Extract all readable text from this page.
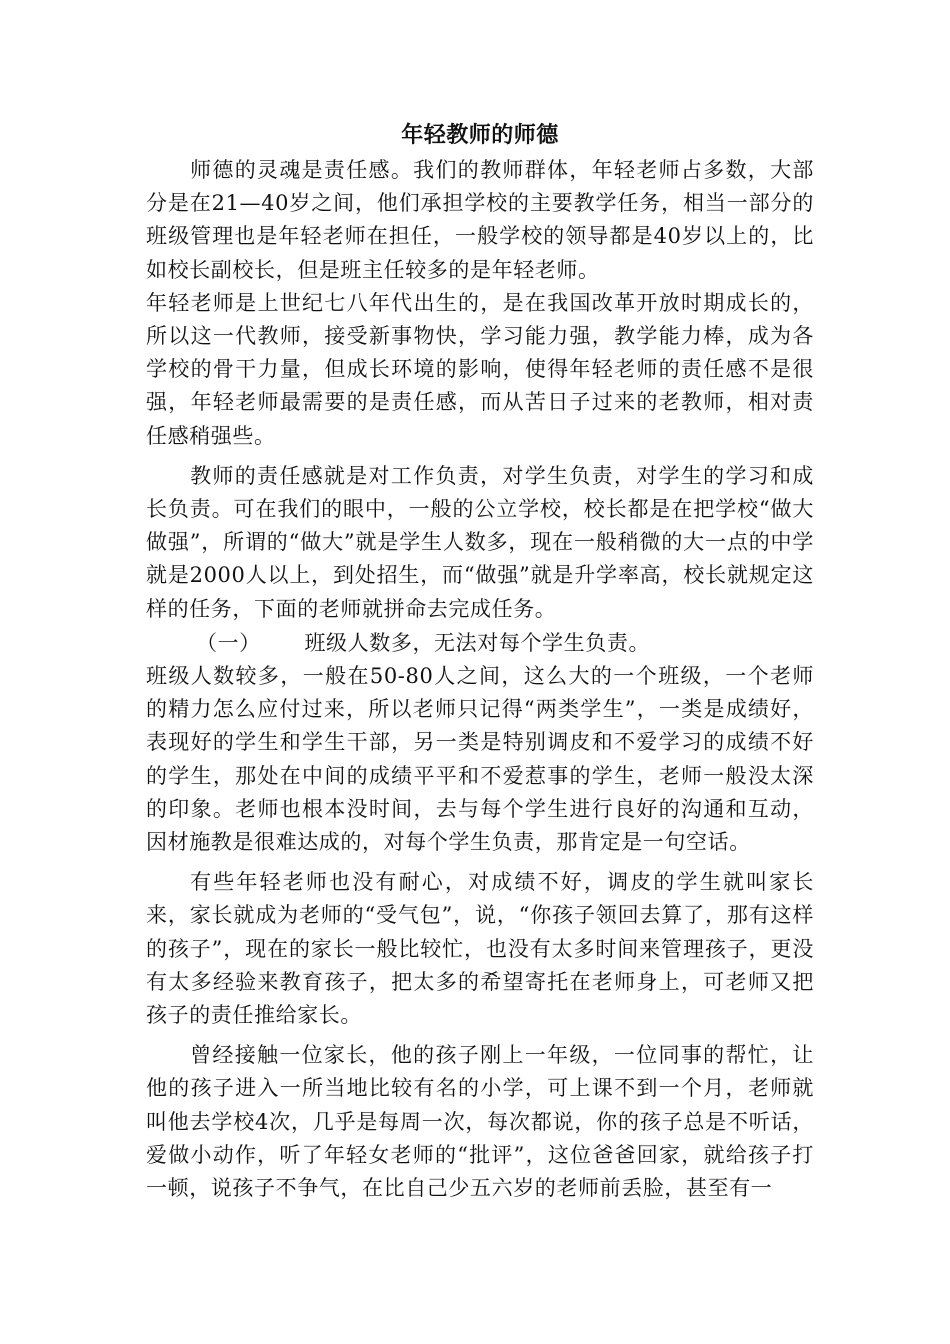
年轻教师的师德

师德的灵魂是责任感。我们的教师群体，年轻老师占多数，大部分是在21—40岁之间，他们承担学校的主要教学任务，相当一部分的班级管理也是年轻老师在担任，一般学校的领导都是40岁以上的，比如校长副校长，但是班主任较多的是年轻老师。

年轻老师是上世纪七八年代出生的，是在我国改革开放时期成长的，所以这一代教师，接受新事物快，学习能力强，教学能力棒，成为各学校的骨干力量，但成长环境的影响，使得年轻老师的责任感不是很强，年轻老师最需要的是责任感，而从苦日子过来的老教师，相对责任感稍强些。

教师的责任感就是对工作负责，对学生负责，对学生的学习和成长负责。可在我们的眼中，一般的公立学校，校长都是在把学校“做大做强”，所谓的“做大”就是学生人数多，现在一般稍微的大一点的中学就是2000人以上，到处招生，而“做强”就是升学率高，校长就规定这样的任务，下面的老师就拼命去完成任务。

（一）      班级人数多，无法对每个学生负责。

班级人数较多，一般在50-80人之间，这么大的一个班级，一个老师的精力怎么应付过来，所以老师只记得“两类学生”，一类是成绩好，表现好的学生和学生干部，另一类是特别调皮和不爱学习的成绩不好的学生，那处在中间的成绩平平和不爱惹事的学生，老师一般没太深的印象。老师也根本没时间，去与每个学生进行良好的沟通和互动，因材施教是很难达成的，对每个学生负责，那肯定是一句空话。

有些年轻老师也没有耐心，对成绩不好，调皮的学生就叫家长来，家长就成为老师的“受气包”，说，“你孩子领回去算了，那有这样的孩子”，现在的家长一般比较忙，也没有太多时间来管理孩子，更没有太多经验来教育孩子，把太多的希望寄托在老师身上，可老师又把孩子的责任推给家长。

曾经接触一位家长，他的孩子刚上一年级，一位同事的帮忙，让他的孩子进入一所当地比较有名的小学，可上课不到一个月，老师就叫他去学校4次，几乎是每周一次，每次都说，你的孩子总是不听话，爱做小动作，听了年轻女老师的“批评”，这位爸爸回家，就给孩子打一顿，说孩子不争气，在比自己少五六岁的老师前丢脸，甚至有一
